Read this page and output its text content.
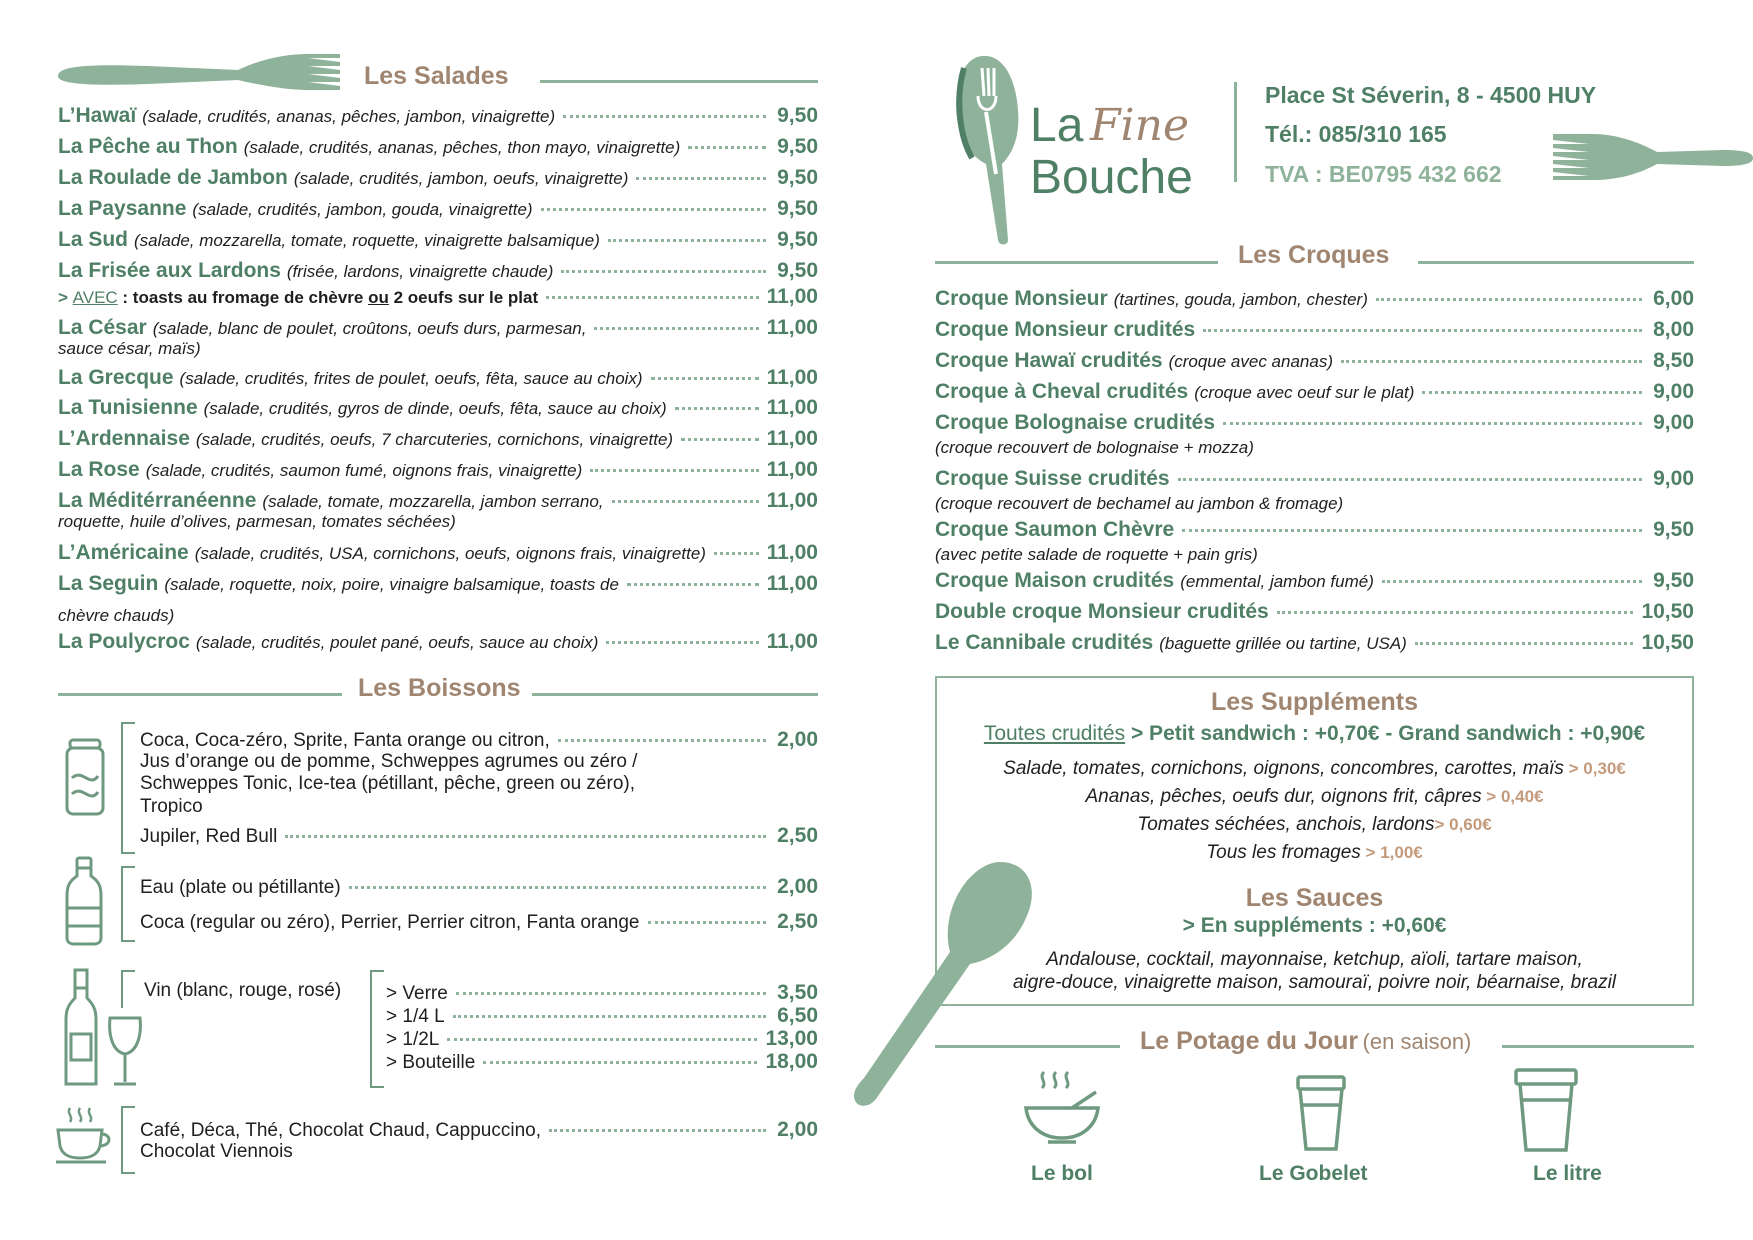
Les Salades
L’Hawaï (salade, crudités, ananas, pêches, jambon, vinaigrette)	9,50
La Pêche au Thon (salade, crudités, ananas, pêches, thon mayo, vinaigrette)	9,50
La Roulade de Jambon (salade, crudités, jambon, oeufs, vinaigrette)	9,50
La Paysanne (salade, crudités, jambon, gouda, vinaigrette)	9,50
La Sud (salade, mozzarella, tomate, roquette, vinaigrette balsamique)	9,50
La Frisée aux Lardons (frisée, lardons, vinaigrette chaude)	9,50
> AVEC : toasts au fromage de chèvre ou 2 oeufs sur le plat	11,00
La César (salade, blanc de poulet, croûtons, oeufs durs, parmesan,	11,00
sauce césar, maïs)
La Grecque (salade, crudités, frites de poulet, oeufs, fêta, sauce au choix)	11,00
La Tunisienne (salade, crudités, gyros de dinde, oeufs, fêta, sauce au choix)	11,00
L’Ardennaise (salade, crudités, oeufs, 7 charcuteries, cornichons, vinaigrette)	11,00
La Rose (salade, crudités, saumon fumé, oignons frais, vinaigrette)	11,00
La Méditérranéenne (salade, tomate, mozzarella, jambon serrano,	11,00
roquette, huile d’olives, parmesan, tomates séchées)
L’Américaine (salade, crudités, USA, cornichons, oeufs, oignons frais, vinaigrette)	11,00
La Seguin (salade, roquette, noix, poire, vinaigre balsamique, toasts de	11,00
chèvre chauds)
La Poulycroc (salade, crudités, poulet pané, oeufs, sauce au choix)	11,00
Les Boissons
Coca, Coca-zéro, Sprite, Fanta orange ou citron,	2,00
Jus d’orange ou de pomme, Schweppes agrumes ou zéro /
Schweppes Tonic, Ice-tea (pétillant, pêche, green ou zéro),
Tropico
Jupiler, Red Bull	2,50
Eau (plate ou pétillante)	2,00
Coca (regular ou zéro), Perrier, Perrier citron, Fanta orange	2,50
Vin (blanc, rouge, rosé) > Verre	3,50
> 1/4 L	6,50
> 1/2L	13,00
> Bouteille	18,00
Café, Déca, Thé, Chocolat Chaud, Cappuccino,	2,00
Chocolat Viennois
La Fine
Bouche
Place St Séverin, 8 - 4500 HUY
Tél.: 085/310 165
TVA : BE0795 432 662
Les Croques
Croque Monsieur (tartines, gouda, jambon, chester)	6,00
Croque Monsieur crudités	8,00
Croque Hawaï crudités (croque avec ananas)	8,50
Croque à Cheval crudités (croque avec oeuf sur le plat)	9,00
Croque Bolognaise crudités	9,00
(croque recouvert de bolognaise + mozza)
Croque Suisse crudités	9,00
(croque recouvert de bechamel au jambon & fromage)
Croque Saumon Chèvre	9,50
(avec petite salade de roquette + pain gris)
Croque Maison crudités (emmental, jambon fumé)	9,50
Double croque Monsieur crudités	10,50
Le Cannibale crudités (baguette grillée ou tartine, USA)	10,50
Les Suppléments
Toutes crudités > Petit sandwich : +0,70€ - Grand sandwich : +0,90€
Salade, tomates, cornichons, oignons, concombres, carottes, maïs > 0,30€
Ananas, pêches, oeufs dur, oignons frit, câpres > 0,40€
Tomates séchées, anchois, lardons> 0,60€
Tous les fromages > 1,00€
Les Sauces
> En suppléments : +0,60€
Andalouse, cocktail, mayonnaise, ketchup, aïoli, tartare maison,
aigre-douce, vinaigrette maison, samouraï, poivre noir, béarnaise, brazil
Le Potage du Jour (en saison)
Le bol	Le Gobelet	Le litre
